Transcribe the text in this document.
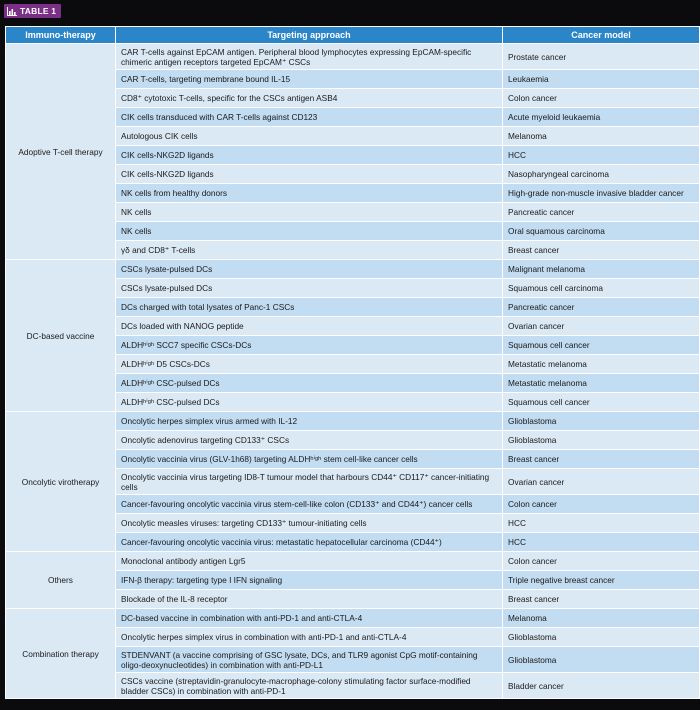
TABLE 1
Immuno-therapy	Targeting approach	Cancer model
Adoptive T-cell therapy	CAR T-cells against EpCAM antigen. Peripheral blood lymphocytes expressing EpCAM-specific chimeric antigen receptors targeted EpCAM⁺ CSCs	Prostate cancer
	CAR T-cells, targeting membrane bound IL-15	Leukaemia
	CD8⁺ cytotoxic T-cells, specific for the CSCs antigen ASB4	Colon cancer
	CIK cells transduced with CAR T-cells against CD123	Acute myeloid leukaemia
	Autologous CIK cells	Melanoma
	CIK cells-NKG2D ligands	HCC
	CIK cells-NKG2D ligands	Nasopharyngeal carcinoma
	NK cells from healthy donors	High-grade non-muscle invasive bladder cancer
	NK cells	Pancreatic cancer
	NK cells	Oral squamous carcinoma
	γδ and CD8⁺ T-cells	Breast cancer
DC-based vaccine	CSCs lysate-pulsed DCs	Malignant melanoma
	CSCs lysate-pulsed DCs	Squamous cell carcinoma
	DCs charged with total lysates of Panc-1 CSCs	Pancreatic cancer
	DCs loaded with NANOG peptide	Ovarian cancer
	ALDHʰⁱᵍʰ SCC7 specific CSCs-DCs	Squamous cell cancer
	ALDHʰⁱᵍʰ D5 CSCs-DCs	Metastatic melanoma
	ALDHʰⁱᵍʰ CSC-pulsed DCs	Metastatic melanoma
	ALDHʰⁱᵍʰ CSC-pulsed DCs	Squamous cell cancer
Oncolytic virotherapy	Oncolytic herpes simplex virus armed with IL-12	Glioblastoma
	Oncolytic adenovirus targeting CD133⁺ CSCs	Glioblastoma
	Oncolytic vaccinia virus (GLV-1h68) targeting ALDHʰⁱᵍʰ stem cell-like cancer cells	Breast cancer
	Oncolytic vaccinia virus targeting ID8-T tumour model that harbours CD44⁺ CD117⁺ cancer-initiating cells	Ovarian cancer
	Cancer-favouring oncolytic vaccinia virus stem-cell-like colon (CD133⁺ and CD44⁺) cancer cells	Colon cancer
	Oncolytic measles viruses: targeting CD133⁺ tumour-initiating cells	HCC
	Cancer-favouring oncolytic vaccinia virus: metastatic hepatocellular carcinoma (CD44⁺)	HCC
Others	Monoclonal antibody antigen Lgr5	Colon cancer
	IFN-β therapy: targeting type I IFN signaling	Triple negative breast cancer
	Blockade of the IL-8 receptor	Breast cancer
Combination therapy	DC-based vaccine in combination with anti-PD-1 and anti-CTLA-4	Melanoma
	Oncolytic herpes simplex virus in combination with anti-PD-1 and anti-CTLA-4	Glioblastoma
	STDENVANT (a vaccine comprising of GSC lysate, DCs, and TLR9 agonist CpG motif-containing oligo-deoxynucleotides) in combination with anti-PD-L1	Glioblastoma
	CSCs vaccine (streptavidin-granulocyte-macrophage-colony stimulating factor surface-modified bladder CSCs) in combination with anti-PD-1	Bladder cancer
